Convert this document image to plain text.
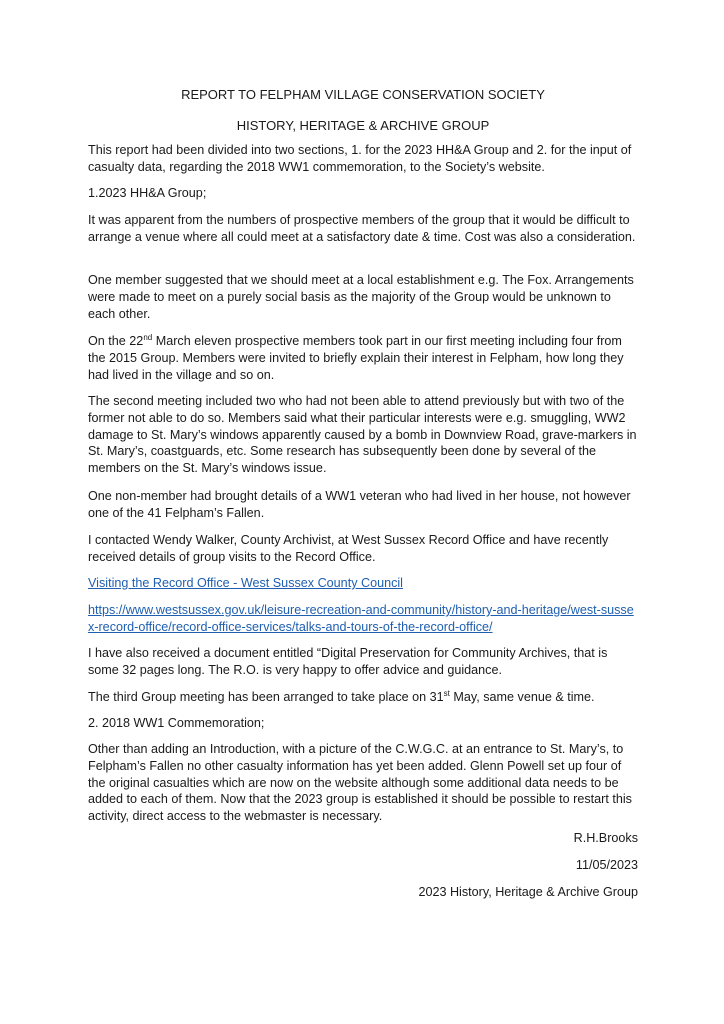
REPORT TO FELPHAM VILLAGE CONSERVATION SOCIETY
HISTORY, HERITAGE & ARCHIVE GROUP

This report had been divided into two sections, 1. for the 2023 HH&A Group and 2. for the input of casualty data, regarding the 2018 WW1 commemoration, to the Society’s website.

1.2023 HH&A Group;

It was apparent from the numbers of prospective members of the group that it would be difficult to arrange a venue where all could meet at a satisfactory date & time. Cost was also a consideration.

One member suggested that we should meet at a local establishment e.g. The Fox. Arrangements were made to meet on a purely social basis as the majority of the Group would be unknown to each other.

On the 22nd March eleven prospective members took part in our first meeting including four from the 2015 Group. Members were invited to briefly explain their interest in Felpham, how long they had lived in the village and so on.

The second meeting included two who had not been able to attend previously but with two of the former not able to do so. Members said what their particular interests were e.g. smuggling, WW2 damage to St. Mary’s windows apparently caused by a bomb in Downview Road, grave-markers in St. Mary’s, coastguards, etc. Some research has subsequently been done by several of the members on the St. Mary’s windows issue.

One non-member had brought details of a WW1 veteran who had lived in her house, not however one of the 41 Felpham’s Fallen.

I contacted Wendy Walker, County Archivist, at West Sussex Record Office and have recently received details of group visits to the Record Office.

Visiting the Record Office - West Sussex County Council

https://www.westsussex.gov.uk/leisure-recreation-and-community/history-and-heritage/west-sussex-record-office/record-office-services/talks-and-tours-of-the-record-office/

I have also received a document entitled “Digital Preservation for Community Archives, that is some 32 pages long. The R.O. is very happy to offer advice and guidance.

The third Group meeting has been arranged to take place on 31st May, same venue & time.

2. 2018 WW1 Commemoration;

Other than adding an Introduction, with a picture of the C.W.G.C. at an entrance to St. Mary’s, to Felpham’s Fallen no other casualty information has yet been added. Glenn Powell set up four of the original casualties which are now on the website although some additional data needs to be added to each of them. Now that the 2023 group is established it should be possible to restart this activity, direct access to the webmaster is necessary.

R.H.Brooks

11/05/2023

2023 History, Heritage & Archive Group
